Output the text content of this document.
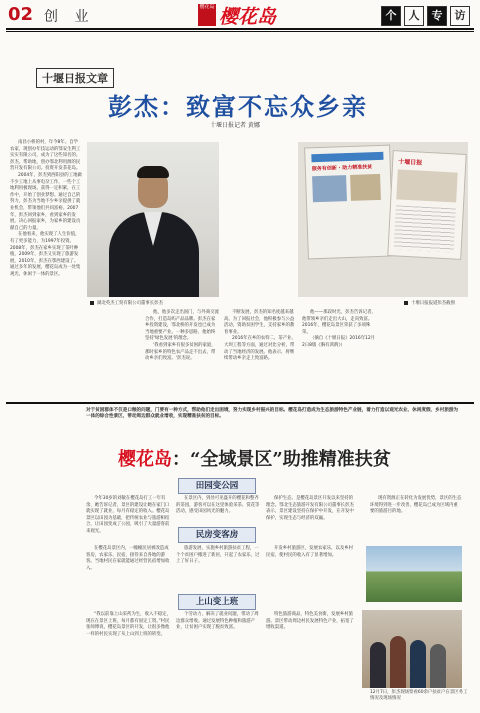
02 创 业
樱花岛 樱花岛	个	人	专	访
十堰日报文章
彭杰：致富不忘众乡亲
十堰日报记者 黄娜

南昌小桥的村，年今8年。自学农家，现创办年技运动的鄂安生利工实实有限公司，成为了这些知名的。彭杰，帮助地，创办鄂北利用源的民营开发有限公司。投资开发茶花岛。

2004年，彭杰到西阳县的工地做不少工地上从事电杂工作，一些个工地利用极现场。获得一定积累，在工作中，开始了创业梦想。通过自己的努力，彭杰为当地不少乡亲提供了就业机会，带领他们共同富裕。2007年，彭杰回到家乡，看到家乡的发展，决心回报家乡，为家乡的建设贡献自己的力量。

在他看来，他实现了人生价值，有了更多能力，为1997年投资。2008年，彭杰在家乡实现了茶叶种植，2009年，彭杰又实现了旅游发展，2010年，彭杰在鄂西建设了。通过多年的发展，樱花岛成为一处集观光、休闲于一体的景区。

湖北英杰工贸有限公司董事长彭杰
服务有创新 · 助力精准扶贫
十堰日报
十堰日报报道彭杰截图

他，他多次走出国门，与外商交流合作，打造岛屿产品品牌。彭杰在家乡投资建设，鄂北桥的开发也已成为当地重要产业。一种多思路，他始终坚持'绿色发展'的理念。

'我看到家乡有很多贫困的家庭，那时家乡的特色农产品走不出去，带动乡亲们致富。'彭杰说。

不断发展，彭杰的知名度越来越高。为了回报社会，他积极参与公益活动，资助贫困学生，支持家乡的教育事业。

2016年在乡的农特二、茶产业、大坝工程等方面，通过对比分析，带动了当地经济的发展。他表示，将继续带动乡亲走上致富路。

他——那段时光，彭杰告诉记者，他带领乡亲们走出大山，走向致富。2016年，樱花岛景区荣获了多项殊荣。

（摘自《十堰日报》2016年12月2日8版《胸有鸿鹄》）

对于贫困群体不仅是口粮的问题，门要有一种方式，帮助他们走出困境，努力实现乡村振兴的目标。樱花岛打造成为生态旅游特色产业链，着力打造以观光农业、休闲度假、乡村旅游为一体的综合性景区，带动周边群众就业增收，实现精准扶贫的目标。
樱花岛：“全域景区”助推精准扶贫
田园变公园

今年30岁的刘敏在樱花岛打工一年有余，她告诉记者，景区的建设让她在家门口就实现了就业，每月有稳定的收入。樱花岛景区以田园为基础，把传统农业与旅游相结合，让田园变成了公园，吸引了大量游客前来观光。

在景区内，到处可见盛开的樱花和整齐的茶园，游客可以在这里体验采茶、赏花等活动，感受田园风光的魅力。

保护生态，是樱花岛景区开发以来坚持的理念。鄂北生态旅游开发有限公司董事长彭杰表示，景区建设坚持在保护中开发，在开发中保护，实现生态与经济的双赢。

现有资源正在转化为发展优势，景区的生态环境得到进一步改善，樱花岛已成为区域内重要的旅游目的地。

民房变客房

在樱花岛景区内，一幢幢民居被改造成客房，农家乐、民宿，接待来自各地的游客。当地村民在家就能通过经营民宿增加收入。

旅游发展，实施乡村旅游扶贫工程，一个个贫困户搬进了新居，开起了农家乐，过上了好日子。

开发乡村旅游区，发展农家乐，以及乡村民宿，使村民的收入有了显著增加。

上山变上班

“我以前靠上山采药为生，收入不稳定，现在在景区上班，每月都有固定工资。”村民张师傅说，樱花岛景区的开发，让很多像他一样的村民实现了从上山到上班的转变。

个劳动力，解决了就业问题，带动了周边群众增收。通过发展特色种植和旅游产业，让贫困户实现了脱贫致富。

特色旅游商品，特色美食街，发展乡村旅游。景区带动周边村民发展特色产业，拓宽了增收渠道。

12月7日，彭杰现场察看60余户扶贫户在景区务工情况及现场情况
